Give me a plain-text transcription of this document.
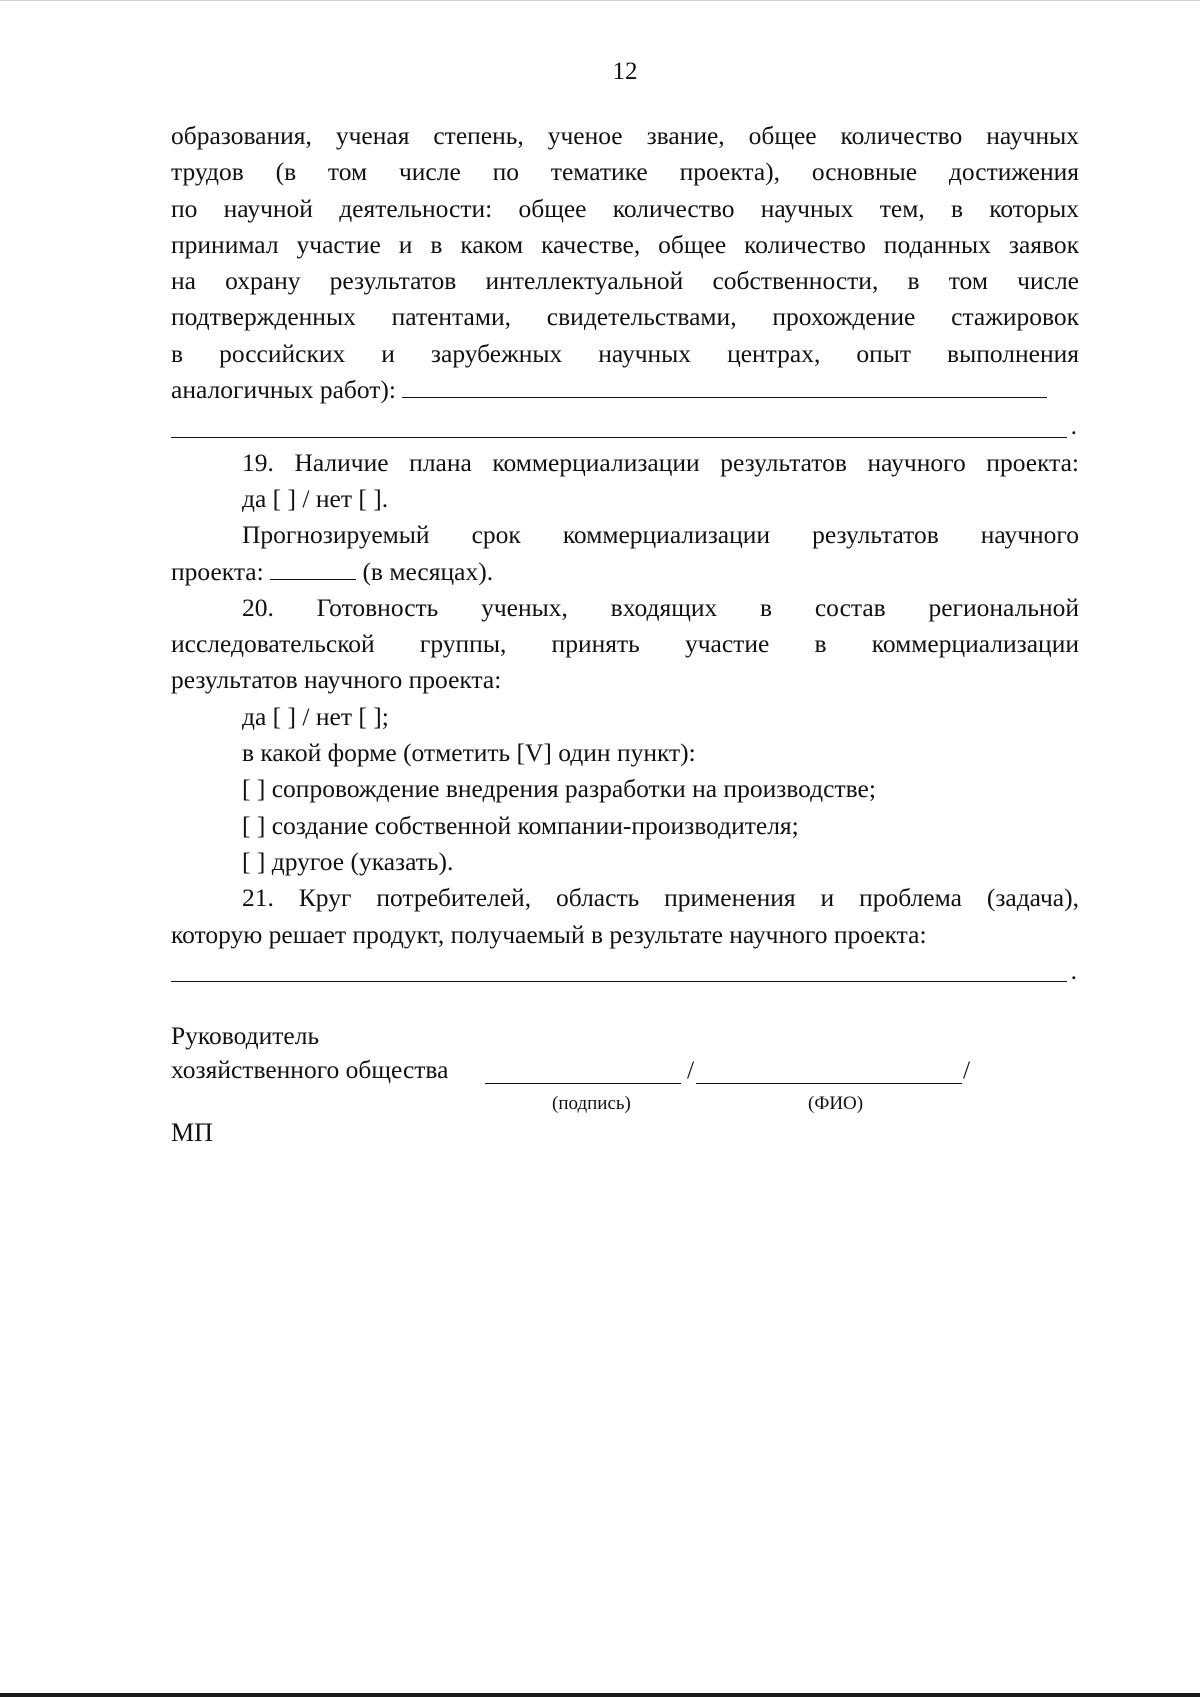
12

образования, ученая степень, ученое звание, общее количество научных

трудов (в том числе по тематике проекта), основные достижения

по научной деятельности: общее количество научных тем, в которых

принимал участие и в каком качестве, общее количество поданных заявок

на охрану результатов интеллектуальной собственности, в том числе

подтвержденных патентами, свидетельствами, прохождение стажировок

в российских и зарубежных научных центрах, опыт выполнения

аналогичных работ):

.

19. Наличие плана коммерциализации результатов научного проекта:

да [ ] / нет [ ].

Прогнозируемый срок коммерциализации результатов научного

проекта:	(в месяцах).

20. Готовность ученых, входящих в состав региональной

исследовательской группы, принять участие в коммерциализации

результатов научного проекта:

да [ ] / нет [ ];

в какой форме (отметить [V] один пункт):

[ ] сопровождение внедрения разработки на производстве;

[ ] создание собственной компании-производителя;

[ ] другое (указать).

21. Круг потребителей, область применения и проблема (задача),

которую решает продукт, получаемый в результате научного проекта:

.
Руководитель
хозяйственного общества	/	/
(подпись)	(ФИО)
МП
